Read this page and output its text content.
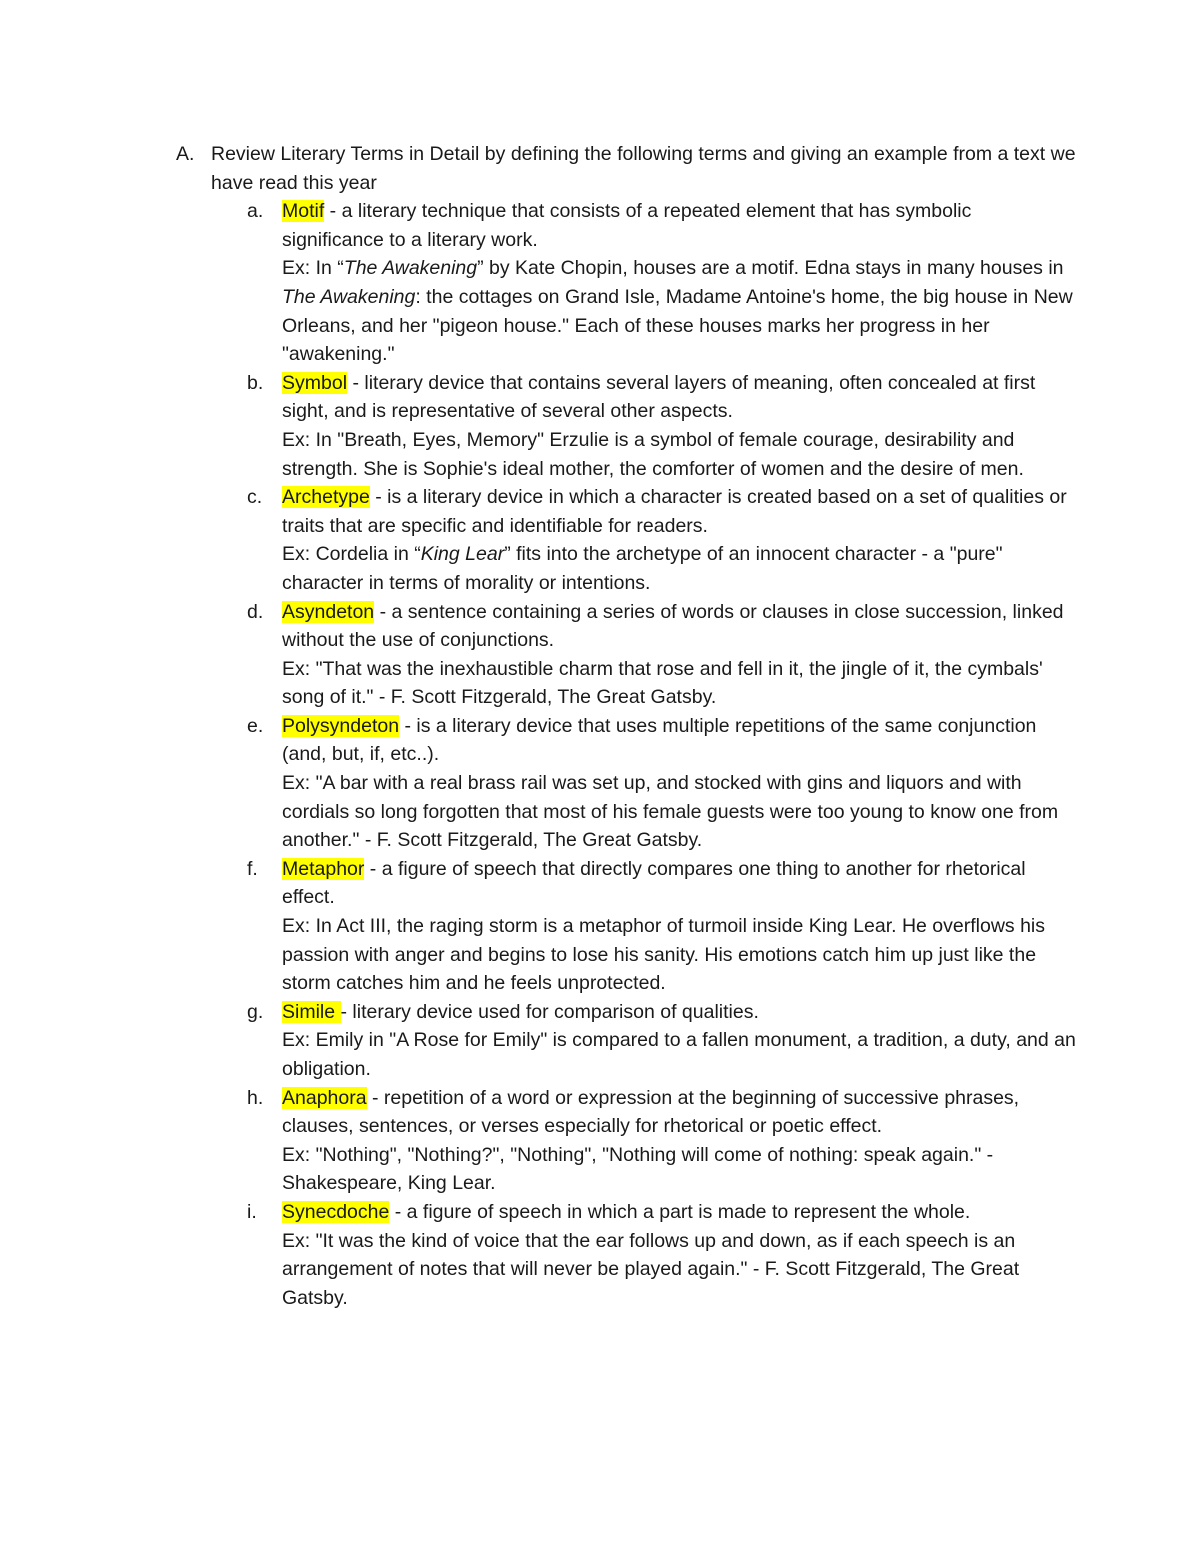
A. Review Literary Terms in Detail by defining the following terms and giving an example from a text we have read this year
a. Motif - a literary technique that consists of a repeated element that has symbolic significance to a literary work.
Ex: In “The Awakening” by Kate Chopin, houses are a motif. Edna stays in many houses in The Awakening: the cottages on Grand Isle, Madame Antoine's home, the big house in New Orleans, and her "pigeon house." Each of these houses marks her progress in her "awakening."
b. Symbol - literary device that contains several layers of meaning, often concealed at first sight, and is representative of several other aspects.
Ex: In "Breath, Eyes, Memory" Erzulie is a symbol of female courage, desirability and strength. She is Sophie's ideal mother, the comforter of women and the desire of men.
c. Archetype - is a literary device in which a character is created based on a set of qualities or traits that are specific and identifiable for readers.
Ex: Cordelia in “King Lear” fits into the archetype of an innocent character - a "pure" character in terms of morality or intentions.
d. Asyndeton - a sentence containing a series of words or clauses in close succession, linked without the use of conjunctions.
Ex: "That was the inexhaustible charm that rose and fell in it, the jingle of it, the cymbals' song of it." - F. Scott Fitzgerald, The Great Gatsby.
e. Polysyndeton - is a literary device that uses multiple repetitions of the same conjunction (and, but, if, etc..).
Ex: "A bar with a real brass rail was set up, and stocked with gins and liquors and with cordials so long forgotten that most of his female guests were too young to know one from another." - F. Scott Fitzgerald, The Great Gatsby.
f. Metaphor - a figure of speech that directly compares one thing to another for rhetorical effect.
Ex: In Act III, the raging storm is a metaphor of turmoil inside King Lear. He overflows his passion with anger and begins to lose his sanity. His emotions catch him up just like the storm catches him and he feels unprotected.
g. Simile - literary device used for comparison of qualities.
Ex: Emily in "A Rose for Emily" is compared to a fallen monument, a tradition, a duty, and an obligation.
h. Anaphora - repetition of a word or expression at the beginning of successive phrases, clauses, sentences, or verses especially for rhetorical or poetic effect.
Ex: "Nothing", "Nothing?", "Nothing", "Nothing will come of nothing: speak again." - Shakespeare, King Lear.
i. Synecdoche - a figure of speech in which a part is made to represent the whole.
Ex: "It was the kind of voice that the ear follows up and down, as if each speech is an arrangement of notes that will never be played again." - F. Scott Fitzgerald, The Great Gatsby.
